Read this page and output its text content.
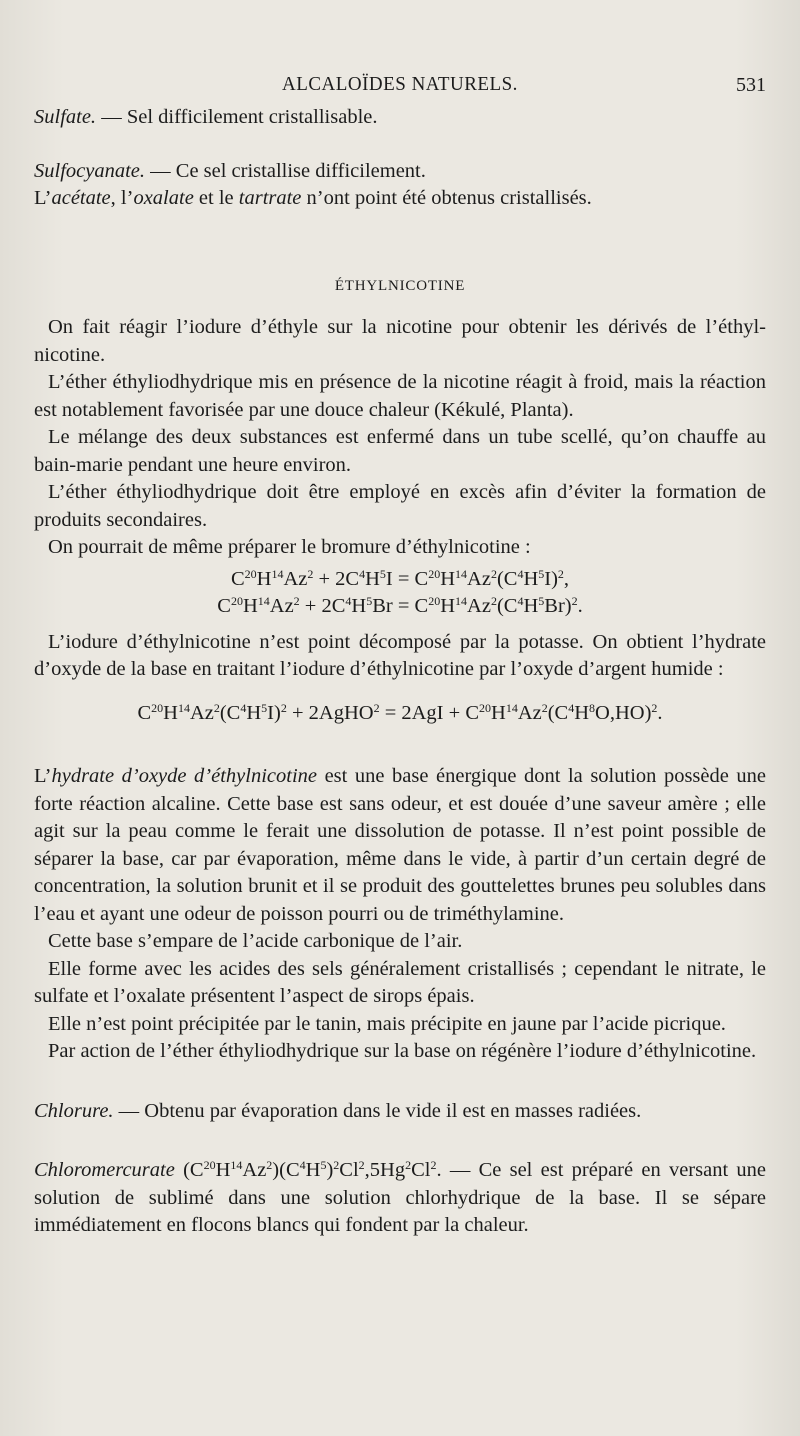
ALCALOÏDES NATURELS.	531

Sulfate. — Sel difficilement cristallisable.

Sulfocyanate. — Ce sel cristallise difficilement.

L’acétate, l’oxalate et le tartrate n’ont point été obtenus cristallisés.

ÉTHYLNICOTINE

On fait réagir l’iodure d’éthyle sur la nicotine pour obtenir les dérivés de l’éthylnicotine.

L’éther éthyliodhydrique mis en présence de la nicotine réagit à froid, mais la réaction est notablement favorisée par une douce chaleur (Kékulé, Planta).

Le mélange des deux substances est enfermé dans un tube scellé, qu’on chauffe au bain-marie pendant une heure environ.

L’éther éthyliodhydrique doit être employé en excès afin d’éviter la formation de produits secondaires.

On pourrait de même préparer le bromure d’éthylnicotine :

$C^{20}H^{14}Az^2 + 2C^4H^5I = C^{20}H^{14}Az^2(C^4H^5I)^2$,

$C^{20}H^{14}Az^2 + 2C^4H^5Br = C^{20}H^{14}Az^2(C^4H^5Br)^2$.

L’iodure d’éthylnicotine n’est point décomposé par la potasse. On obtient l’hydrate d’oxyde de la base en traitant l’iodure d’éthylnicotine par l’oxyde d’argent humide :

$C^{20}H^{14}Az^2(C^4H^5I)^2$ + 2AgHO$^2$ = $2AgI + C^{20}H^{14}Az^2(C^4H^8O,HO)^2$.

L’hydrate d’oxyde d’éthylnicotine est une base énergique dont la solution possède une forte réaction alcaline. Cette base est sans odeur, et est douée d’une saveur amère ; elle agit sur la peau comme le ferait une dissolution de potasse. Il n’est point possible de séparer la base, car par évaporation, même dans le vide, à partir d’un certain degré de concentration, la solution brunit et il se produit des gouttelettes brunes peu solubles dans l’eau et ayant une odeur de poisson pourri ou de triméthylamine.

Cette base s’empare de l’acide carbonique de l’air.

Elle forme avec les acides des sels généralement cristallisés ; cependant le nitrate, le sulfate et l’oxalate présentent l’aspect de sirops épais.

Elle n’est point précipitée par le tanin, mais précipite en jaune par l’acide picrique.

Par action de l’éther éthyliodhydrique sur la base on régénère l’iodure d’éthylnicotine.

Chlorure. — Obtenu par évaporation dans le vide il est en masses radiées.

Chloromercurate $(C^{20}H^{14}Az^2)(C^4H^5)^2Cl^2,5Hg^2Cl^2$. — Ce sel est préparé en versant une solution de sublimé dans une solution chlorhydrique de la base. Il se sépare immédiatement en flocons blancs qui fondent par la chaleur.
